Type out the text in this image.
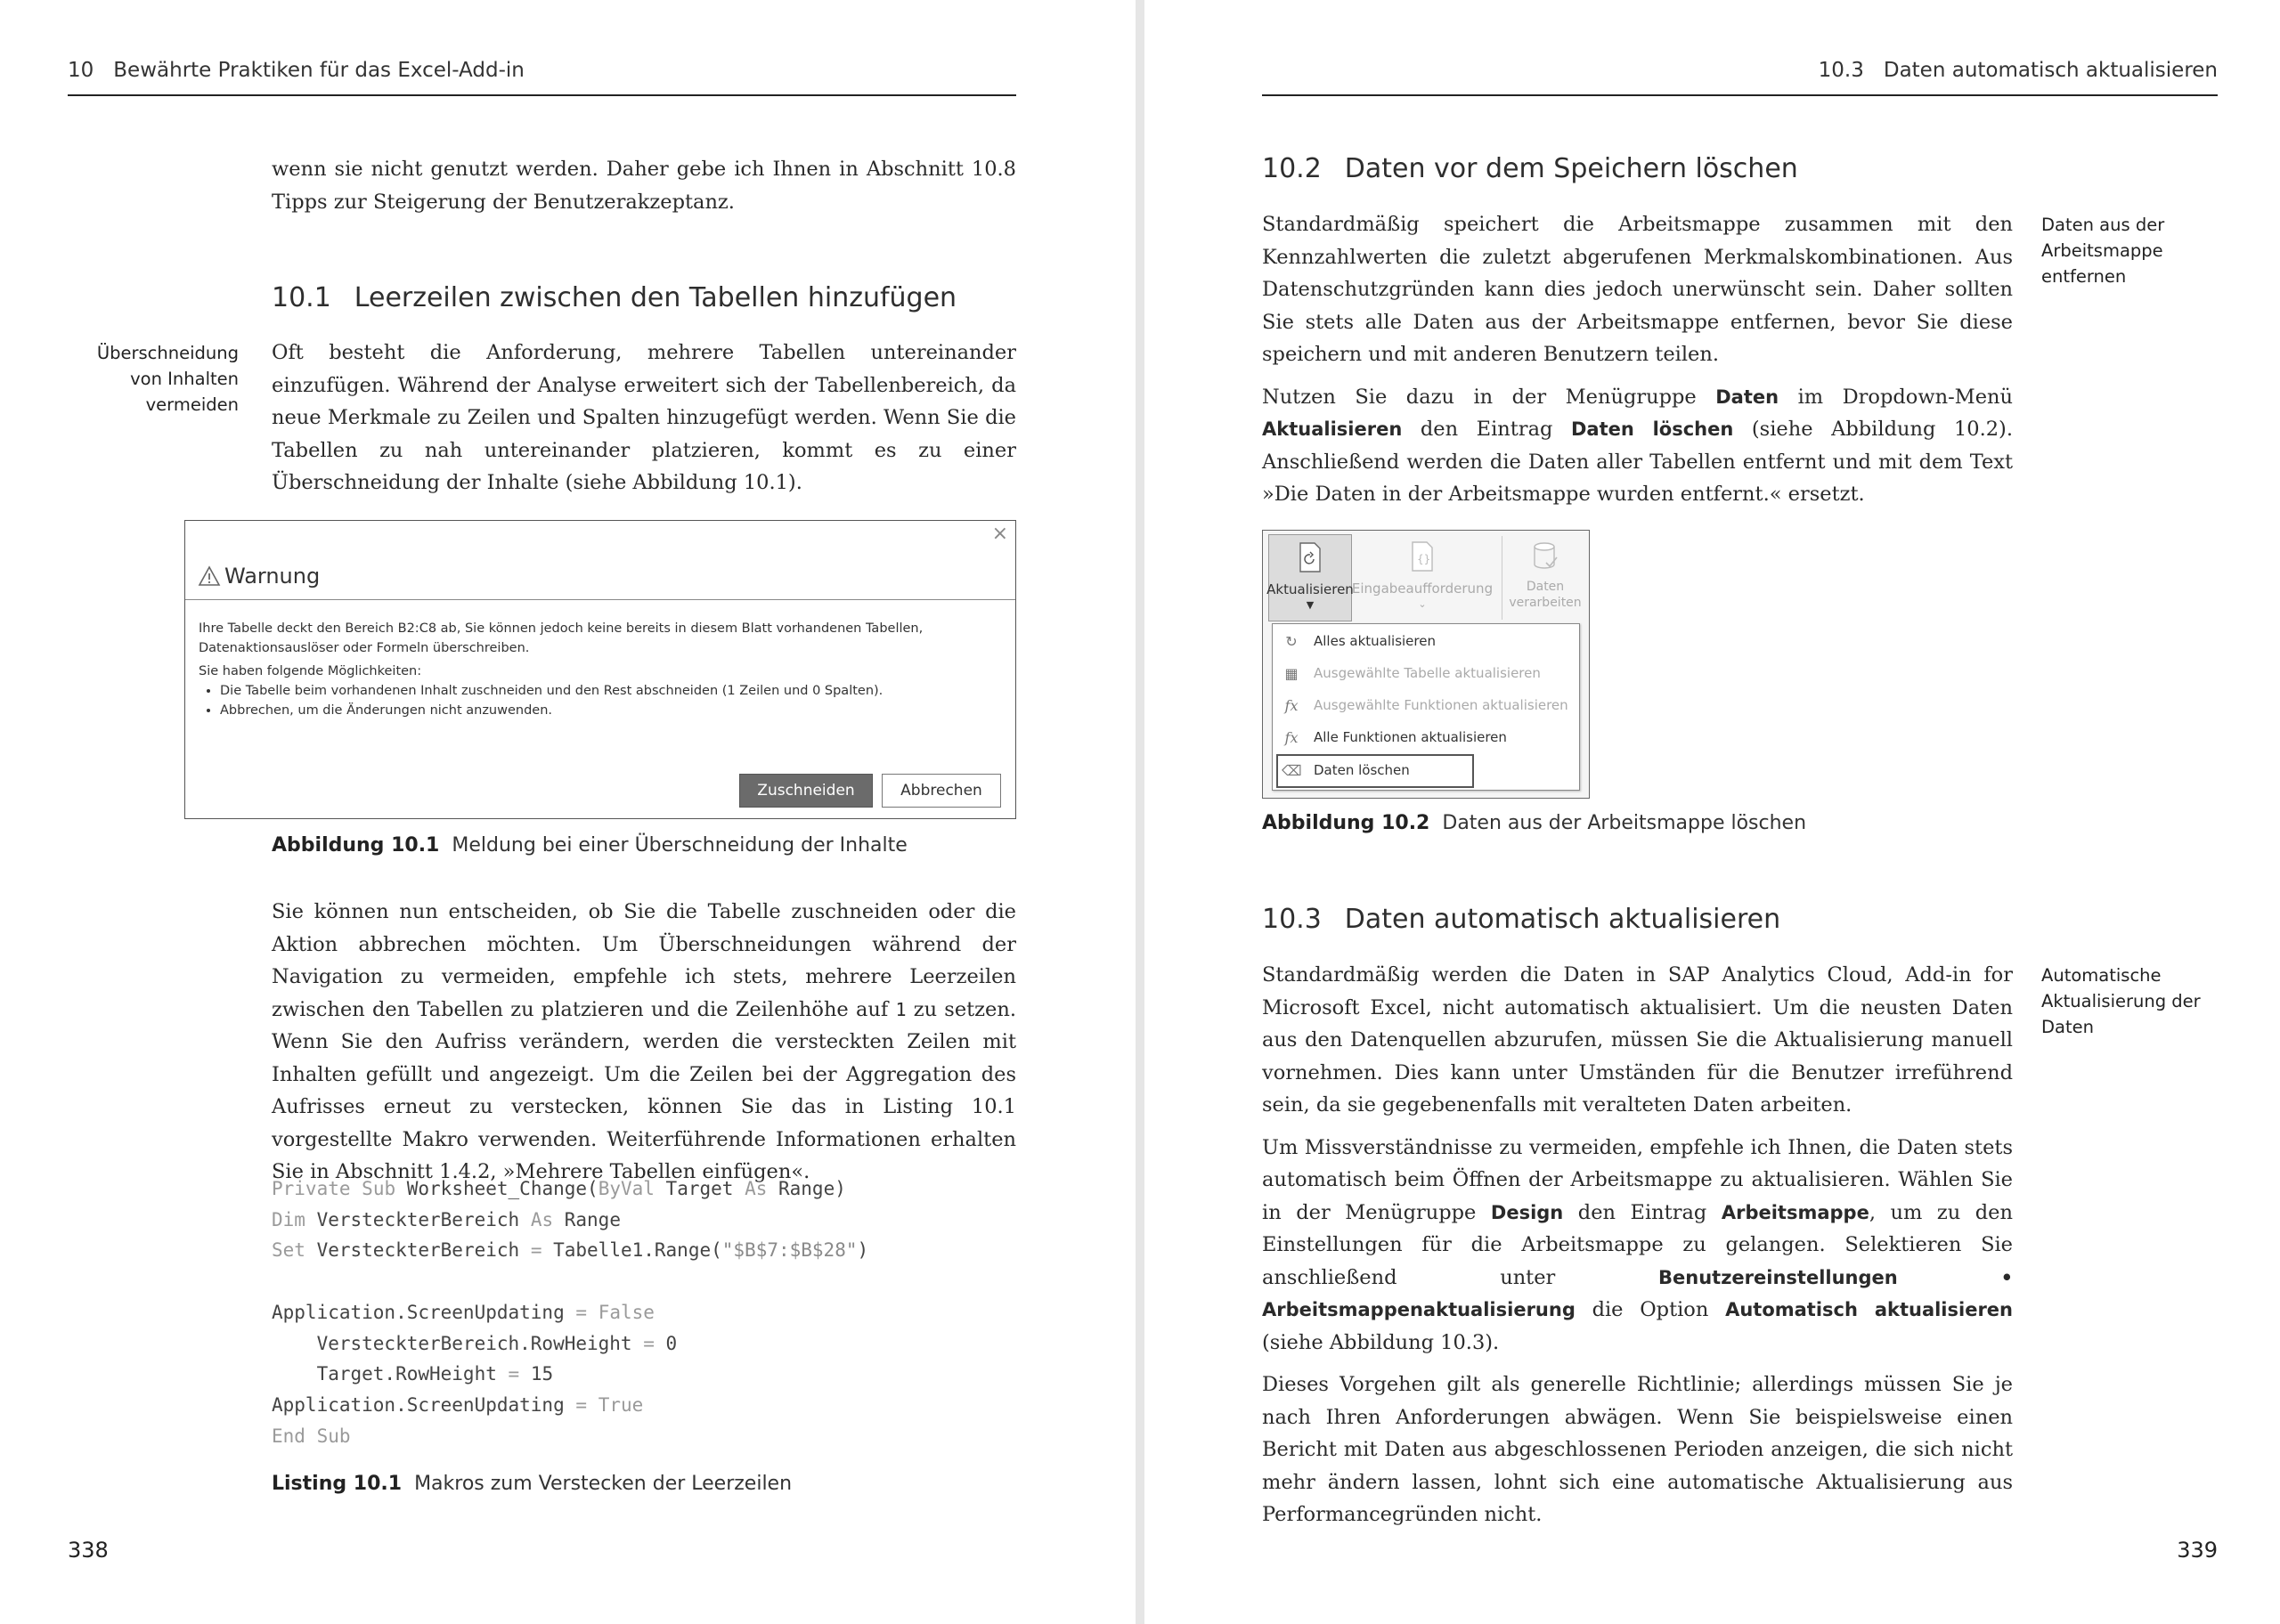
10 Bewährte Praktiken für das Excel-Add-in

wenn sie nicht genutzt werden. Daher gebe ich Ihnen in Abschnitt 10.8 Tipps zur Steigerung der Benutzerakzeptanz.

10.1 Leerzeilen zwischen den Tabellen hinzufügen
Überschneidung
von Inhalten
vermeiden

Oft besteht die Anforderung, mehrere Tabellen untereinander einzufügen. Während der Analyse erweitert sich der Tabellenbereich, da neue Merkmale zu Zeilen und Spalten hinzugefügt werden. Wenn Sie die Tabellen zu nah untereinander platzieren, kommt es zu einer Überschneidung der Inhalte (siehe Abbildung 10.1).

×
Warnung
Ihre Tabelle deckt den Bereich B2:C8 ab, Sie können jedoch keine bereits in diesem Blatt vorhandenen Tabellen, Datenaktionsauslöser oder Formeln überschreiben.
Sie haben folgende Möglichkeiten:
• Die Tabelle beim vorhandenen Inhalt zuschneiden und den Rest abschneiden (1 Zeilen und 0 Spalten).
• Abbrechen, um die Änderungen nicht anzuwenden.
Zuschneiden	Abbrechen
Abbildung 10.1 Meldung bei einer Überschneidung der Inhalte

Sie können nun entscheiden, ob Sie die Tabelle zuschneiden oder die Aktion abbrechen möchten. Um Überschneidungen während der Navigation zu vermeiden, empfehle ich stets, mehrere Leerzeilen zwischen den Tabellen zu platzieren und die Zeilenhöhe auf 1 zu setzen. Wenn Sie den Aufriss verändern, werden die versteckten Zeilen mit Inhalten gefüllt und angezeigt. Um die Zeilen bei der Aggregation des Aufrisses erneut zu verstecken, können Sie das in Listing 10.1 vorgestellte Makro verwenden. Weiterführende Informationen erhalten Sie in Abschnitt 1.4.2, »Mehrere Tabellen einfügen«.

Private Sub Worksheet_Change(ByVal Target As Range)
Dim VersteckterBereich As Range
Set VersteckterBereich = Tabelle1.Range("$B$7:$B$28")

Application.ScreenUpdating = False
VersteckterBereich.RowHeight = 0
Target.RowHeight = 15
Application.ScreenUpdating = True
End Sub
Listing 10.1 Makros zum Verstecken der Leerzeilen
338
10.3 Daten automatisch aktualisieren
10.2 Daten vor dem Speichern löschen
Daten aus der
Arbeitsmappe
entfernen

Standardmäßig speichert die Arbeitsmappe zusammen mit den Kennzahlwerten die zuletzt abgerufenen Merkmalskombinationen. Aus Datenschutzgründen kann dies jedoch unerwünscht sein. Daher sollten Sie stets alle Daten aus der Arbeitsmappe entfernen, bevor Sie diese speichern und mit anderen Benutzern teilen.

Nutzen Sie dazu in der Menügruppe Daten im Dropdown-Menü Aktualisieren den Eintrag Daten löschen (siehe Abbildung 10.2). Anschließend werden die Daten aller Tabellen entfernt und mit dem Text »Die Daten in der Arbeitsmappe wurden entfernt.« ersetzt.

Aktualisieren
▼
{}
Eingabeaufforderung
⌄
Daten verarbeiten
↻ Alles aktualisieren
▦ Ausgewählte Tabelle aktualisieren
fx Ausgewählte Funktionen aktualisieren
fx Alle Funktionen aktualisieren
⌫ Daten löschen
Abbildung 10.2 Daten aus der Arbeitsmappe löschen
10.3 Daten automatisch aktualisieren
Automatische
Aktualisierung der
Daten

Standardmäßig werden die Daten in SAP Analytics Cloud, Add-in for Microsoft Excel, nicht automatisch aktualisiert. Um die neusten Daten aus den Datenquellen abzurufen, müssen Sie die Aktualisierung manuell vornehmen. Dies kann unter Umständen für die Benutzer irreführend sein, da sie gegebenenfalls mit veralteten Daten arbeiten.

Um Missverständnisse zu vermeiden, empfehle ich Ihnen, die Daten stets automatisch beim Öffnen der Arbeitsmappe zu aktualisieren. Wählen Sie in der Menügruppe Design den Eintrag Arbeitsmappe, um zu den Einstellungen für die Arbeitsmappe zu gelangen. Selektieren Sie anschließend unter Benutzereinstellungen • Arbeitsmappenaktualisierung die Option Automatisch aktualisieren (siehe Abbildung 10.3).

Dieses Vorgehen gilt als generelle Richtlinie; allerdings müssen Sie je nach Ihren Anforderungen abwägen. Wenn Sie beispielsweise einen Bericht mit Daten aus abgeschlossenen Perioden anzeigen, die sich nicht mehr ändern lassen, lohnt sich eine automatische Aktualisierung aus Performancegründen nicht.

339
